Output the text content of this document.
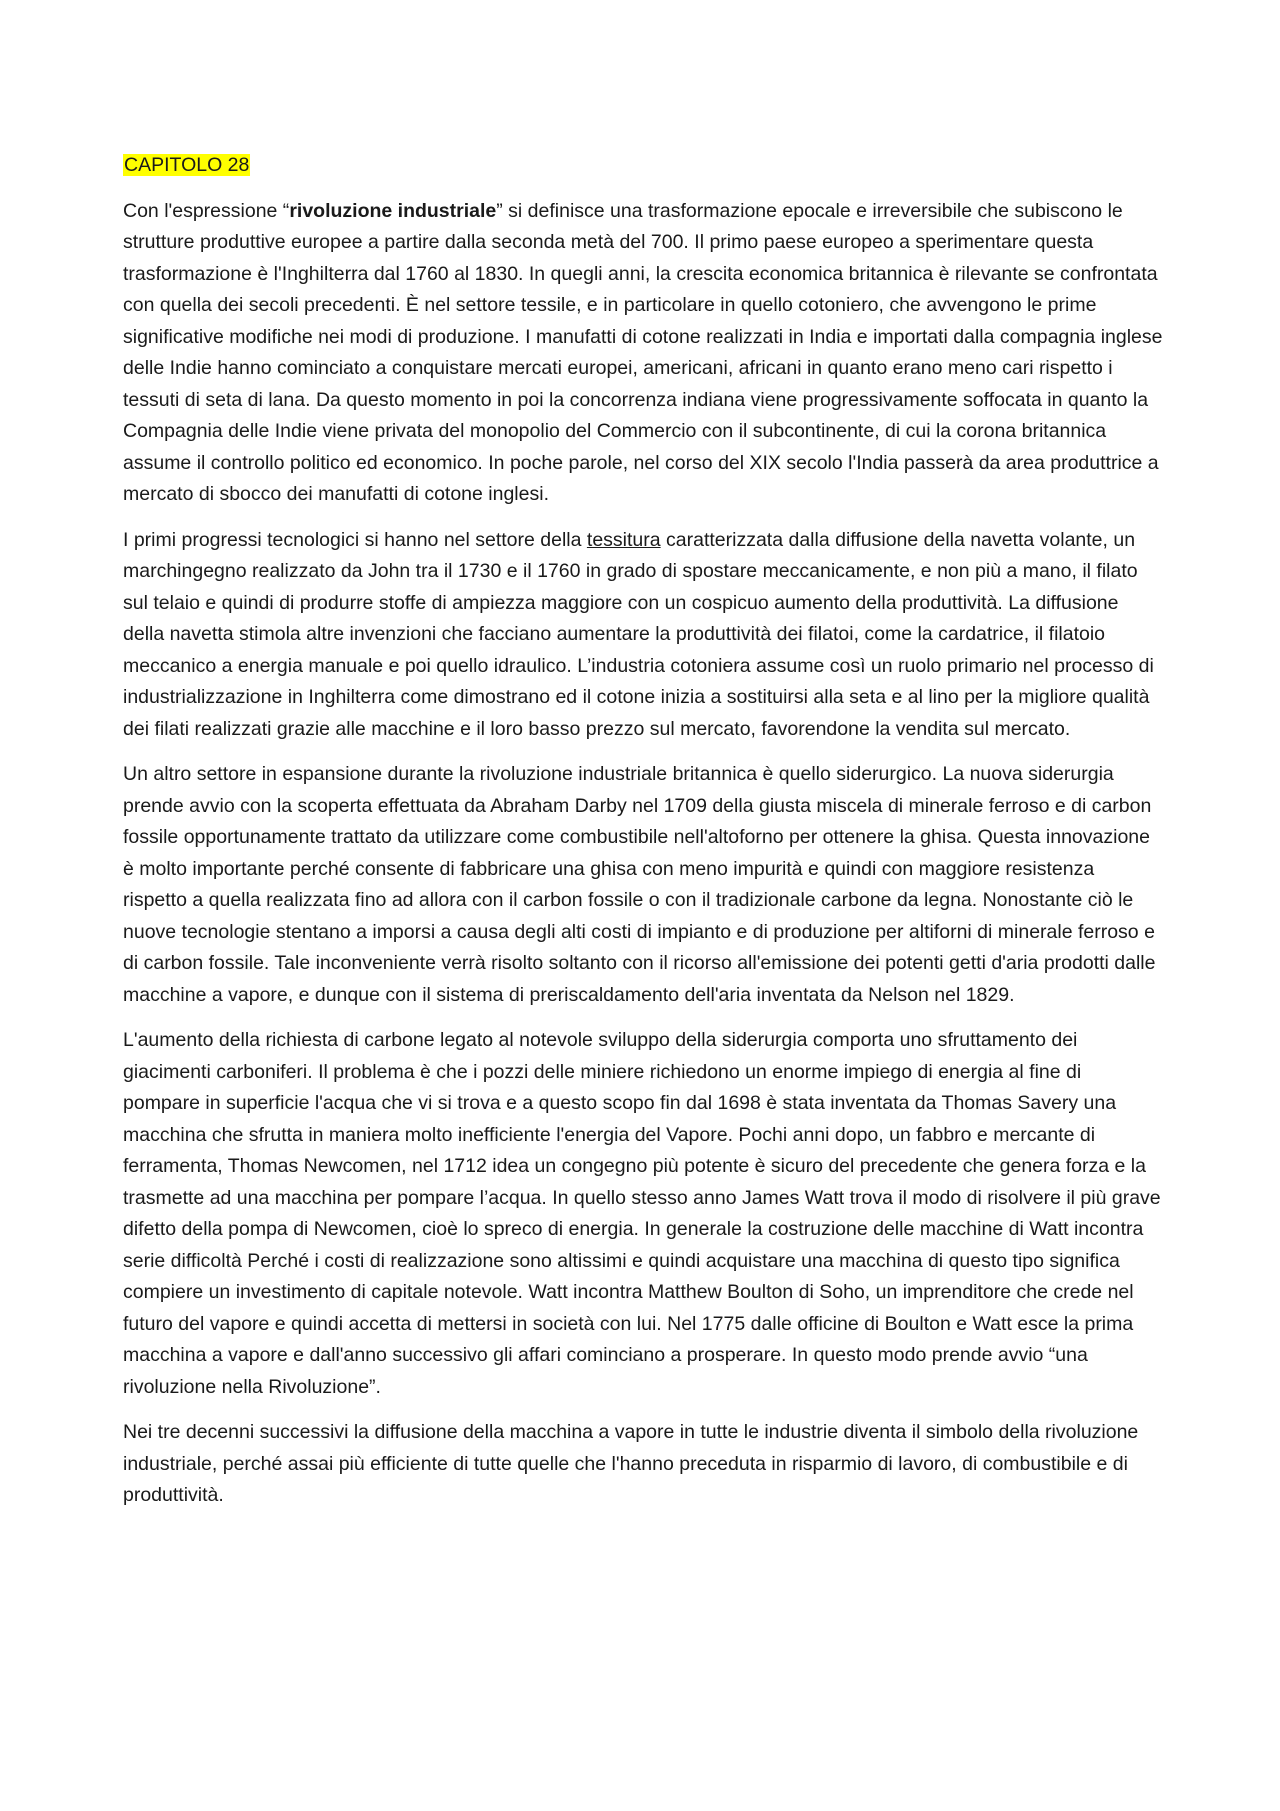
CAPITOLO 28

Con l'espressione “rivoluzione industriale” si definisce una trasformazione epocale e irreversibile che subiscono le strutture produttive europee a partire dalla seconda metà del 700. Il primo paese europeo a sperimentare questa trasformazione è l'Inghilterra dal 1760 al 1830. In quegli anni, la crescita economica britannica è rilevante se confrontata con quella dei secoli precedenti. È nel settore tessile, e in particolare in quello cotoniero, che avvengono le prime significative modifiche nei modi di produzione. I manufatti di cotone realizzati in India e importati dalla compagnia inglese delle Indie hanno cominciato a conquistare mercati europei, americani, africani in quanto erano meno cari rispetto i tessuti di seta di lana. Da questo momento in poi la concorrenza indiana viene progressivamente soffocata in quanto la Compagnia delle Indie viene privata del monopolio del Commercio con il subcontinente, di cui la corona britannica assume il controllo politico ed economico. In poche parole, nel corso del XIX secolo l'India passerà da area produttrice a mercato di sbocco dei manufatti di cotone inglesi.

I primi progressi tecnologici si hanno nel settore della tessitura caratterizzata dalla diffusione della navetta volante, un marchingegno realizzato da John tra il 1730 e il 1760 in grado di spostare meccanicamente, e non più a mano, il filato sul telaio e quindi di produrre stoffe di ampiezza maggiore con un cospicuo aumento della produttività. La diffusione della navetta stimola altre invenzioni che facciano aumentare la produttività dei filatoi, come la cardatrice, il filatoio meccanico a energia manuale e poi quello idraulico. L’industria cotoniera assume così un ruolo primario nel processo di industrializzazione in Inghilterra come dimostrano ed il cotone inizia a sostituirsi alla seta e al lino per la migliore qualità dei filati realizzati grazie alle macchine e il loro basso prezzo sul mercato, favorendone la vendita sul mercato.

Un altro settore in espansione durante la rivoluzione industriale britannica è quello siderurgico. La nuova siderurgia prende avvio con la scoperta effettuata da Abraham Darby nel 1709 della giusta miscela di minerale ferroso e di carbon fossile opportunamente trattato da utilizzare come combustibile nell'altoforno per ottenere la ghisa. Questa innovazione è molto importante perché consente di fabbricare una ghisa con meno impurità e quindi con maggiore resistenza rispetto a quella realizzata fino ad allora con il carbon fossile o con il tradizionale carbone da legna. Nonostante ciò le nuove tecnologie stentano a imporsi a causa degli alti costi di impianto e di produzione per altiforni di minerale ferroso e di carbon fossile. Tale inconveniente verrà risolto soltanto con il ricorso all'emissione dei potenti getti d'aria prodotti dalle macchine a vapore, e dunque con il sistema di preriscaldamento dell'aria inventata da Nelson nel 1829.

L'aumento della richiesta di carbone legato al notevole sviluppo della siderurgia comporta uno sfruttamento dei giacimenti carboniferi. Il problema è che i pozzi delle miniere richiedono un enorme impiego di energia al fine di pompare in superficie l'acqua che vi si trova e a questo scopo fin dal 1698 è stata inventata da Thomas Savery una macchina che sfrutta in maniera molto inefficiente l'energia del Vapore. Pochi anni dopo, un fabbro e mercante di ferramenta, Thomas Newcomen, nel 1712 idea un congegno più potente è sicuro del precedente che genera forza e la trasmette ad una macchina per pompare l’acqua. In quello stesso anno James Watt trova il modo di risolvere il più grave difetto della pompa di Newcomen, cioè lo spreco di energia. In generale la costruzione delle macchine di Watt incontra serie difficoltà Perché i costi di realizzazione sono altissimi e quindi acquistare una macchina di questo tipo significa compiere un investimento di capitale notevole. Watt incontra Matthew Boulton di Soho, un imprenditore che crede nel futuro del vapore e quindi accetta di mettersi in società con lui. Nel 1775 dalle officine di Boulton e Watt esce la prima macchina a vapore e dall'anno successivo gli affari cominciano a prosperare. In questo modo prende avvio “una rivoluzione nella Rivoluzione”.

Nei tre decenni successivi la diffusione della macchina a vapore in tutte le industrie diventa il simbolo della rivoluzione industriale, perché assai più efficiente di tutte quelle che l'hanno preceduta in risparmio di lavoro, di combustibile e di produttività.
